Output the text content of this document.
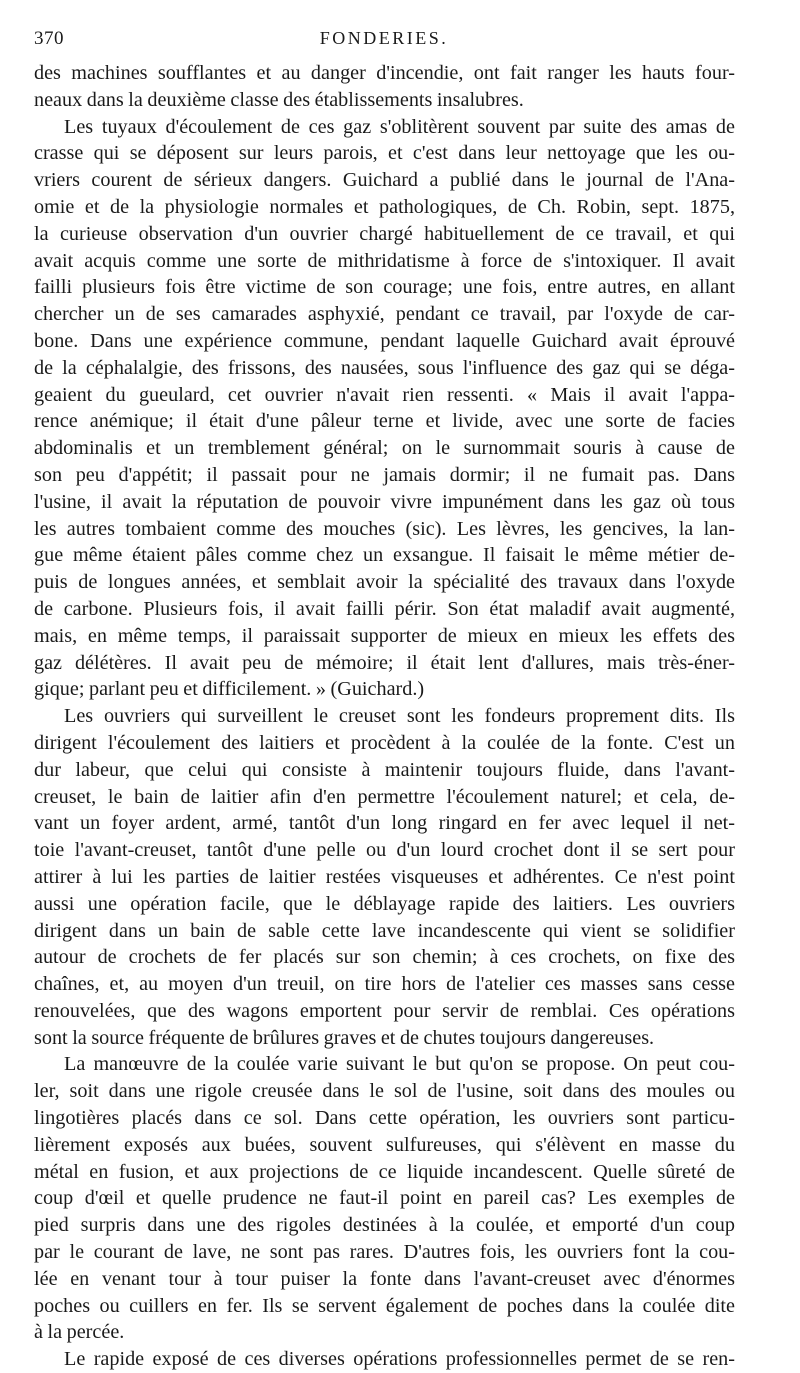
370	FONDERIES.
des machines soufflantes et au danger d'incendie, ont fait ranger les hauts four-
neaux dans la deuxième classe des établissements insalubres.
Les tuyaux d'écoulement de ces gaz s'oblitèrent souvent par suite des amas de
crasse qui se déposent sur leurs parois, et c'est dans leur nettoyage que les ou-
vriers courent de sérieux dangers. Guichard a publié dans le journal de l'Ana-
omie et de la physiologie normales et pathologiques, de Ch. Robin, sept. 1875,
la curieuse observation d'un ouvrier chargé habituellement de ce travail, et qui
avait acquis comme une sorte de mithridatisme à force de s'intoxiquer. Il avait
failli plusieurs fois être victime de son courage; une fois, entre autres, en allant
chercher un de ses camarades asphyxié, pendant ce travail, par l'oxyde de car-
bone. Dans une expérience commune, pendant laquelle Guichard avait éprouvé
de la céphalalgie, des frissons, des nausées, sous l'influence des gaz qui se déga-
geaient du gueulard, cet ouvrier n'avait rien ressenti. « Mais il avait l'appa-
rence anémique; il était d'une pâleur terne et livide, avec une sorte de facies
abdominalis et un tremblement général; on le surnommait souris à cause de
son peu d'appétit; il passait pour ne jamais dormir; il ne fumait pas. Dans
l'usine, il avait la réputation de pouvoir vivre impunément dans les gaz où tous
les autres tombaient comme des mouches (sic). Les lèvres, les gencives, la lan-
gue même étaient pâles comme chez un exsangue. Il faisait le même métier de-
puis de longues années, et semblait avoir la spécialité des travaux dans l'oxyde
de carbone. Plusieurs fois, il avait failli périr. Son état maladif avait augmenté,
mais, en même temps, il paraissait supporter de mieux en mieux les effets des
gaz délétères. Il avait peu de mémoire; il était lent d'allures, mais très-éner-
gique; parlant peu et difficilement. » (Guichard.)
Les ouvriers qui surveillent le creuset sont les fondeurs proprement dits. Ils
dirigent l'écoulement des laitiers et procèdent à la coulée de la fonte. C'est un
dur labeur, que celui qui consiste à maintenir toujours fluide, dans l'avant-
creuset, le bain de laitier afin d'en permettre l'écoulement naturel; et cela, de-
vant un foyer ardent, armé, tantôt d'un long ringard en fer avec lequel il net-
toie l'avant-creuset, tantôt d'une pelle ou d'un lourd crochet dont il se sert pour
attirer à lui les parties de laitier restées visqueuses et adhérentes. Ce n'est point
aussi une opération facile, que le déblayage rapide des laitiers. Les ouvriers
dirigent dans un bain de sable cette lave incandescente qui vient se solidifier
autour de crochets de fer placés sur son chemin; à ces crochets, on fixe des
chaînes, et, au moyen d'un treuil, on tire hors de l'atelier ces masses sans cesse
renouvelées, que des wagons emportent pour servir de remblai. Ces opérations
sont la source fréquente de brûlures graves et de chutes toujours dangereuses.
La manœuvre de la coulée varie suivant le but qu'on se propose. On peut cou-
ler, soit dans une rigole creusée dans le sol de l'usine, soit dans des moules ou
lingotières placés dans ce sol. Dans cette opération, les ouvriers sont particu-
lièrement exposés aux buées, souvent sulfureuses, qui s'élèvent en masse du
métal en fusion, et aux projections de ce liquide incandescent. Quelle sûreté de
coup d'œil et quelle prudence ne faut-il point en pareil cas? Les exemples de
pied surpris dans une des rigoles destinées à la coulée, et emporté d'un coup
par le courant de lave, ne sont pas rares. D'autres fois, les ouvriers font la cou-
lée en venant tour à tour puiser la fonte dans l'avant-creuset avec d'énormes
poches ou cuillers en fer. Ils se servent également de poches dans la coulée dite
à la percée.
Le rapide exposé de ces diverses opérations professionnelles permet de se ren-
